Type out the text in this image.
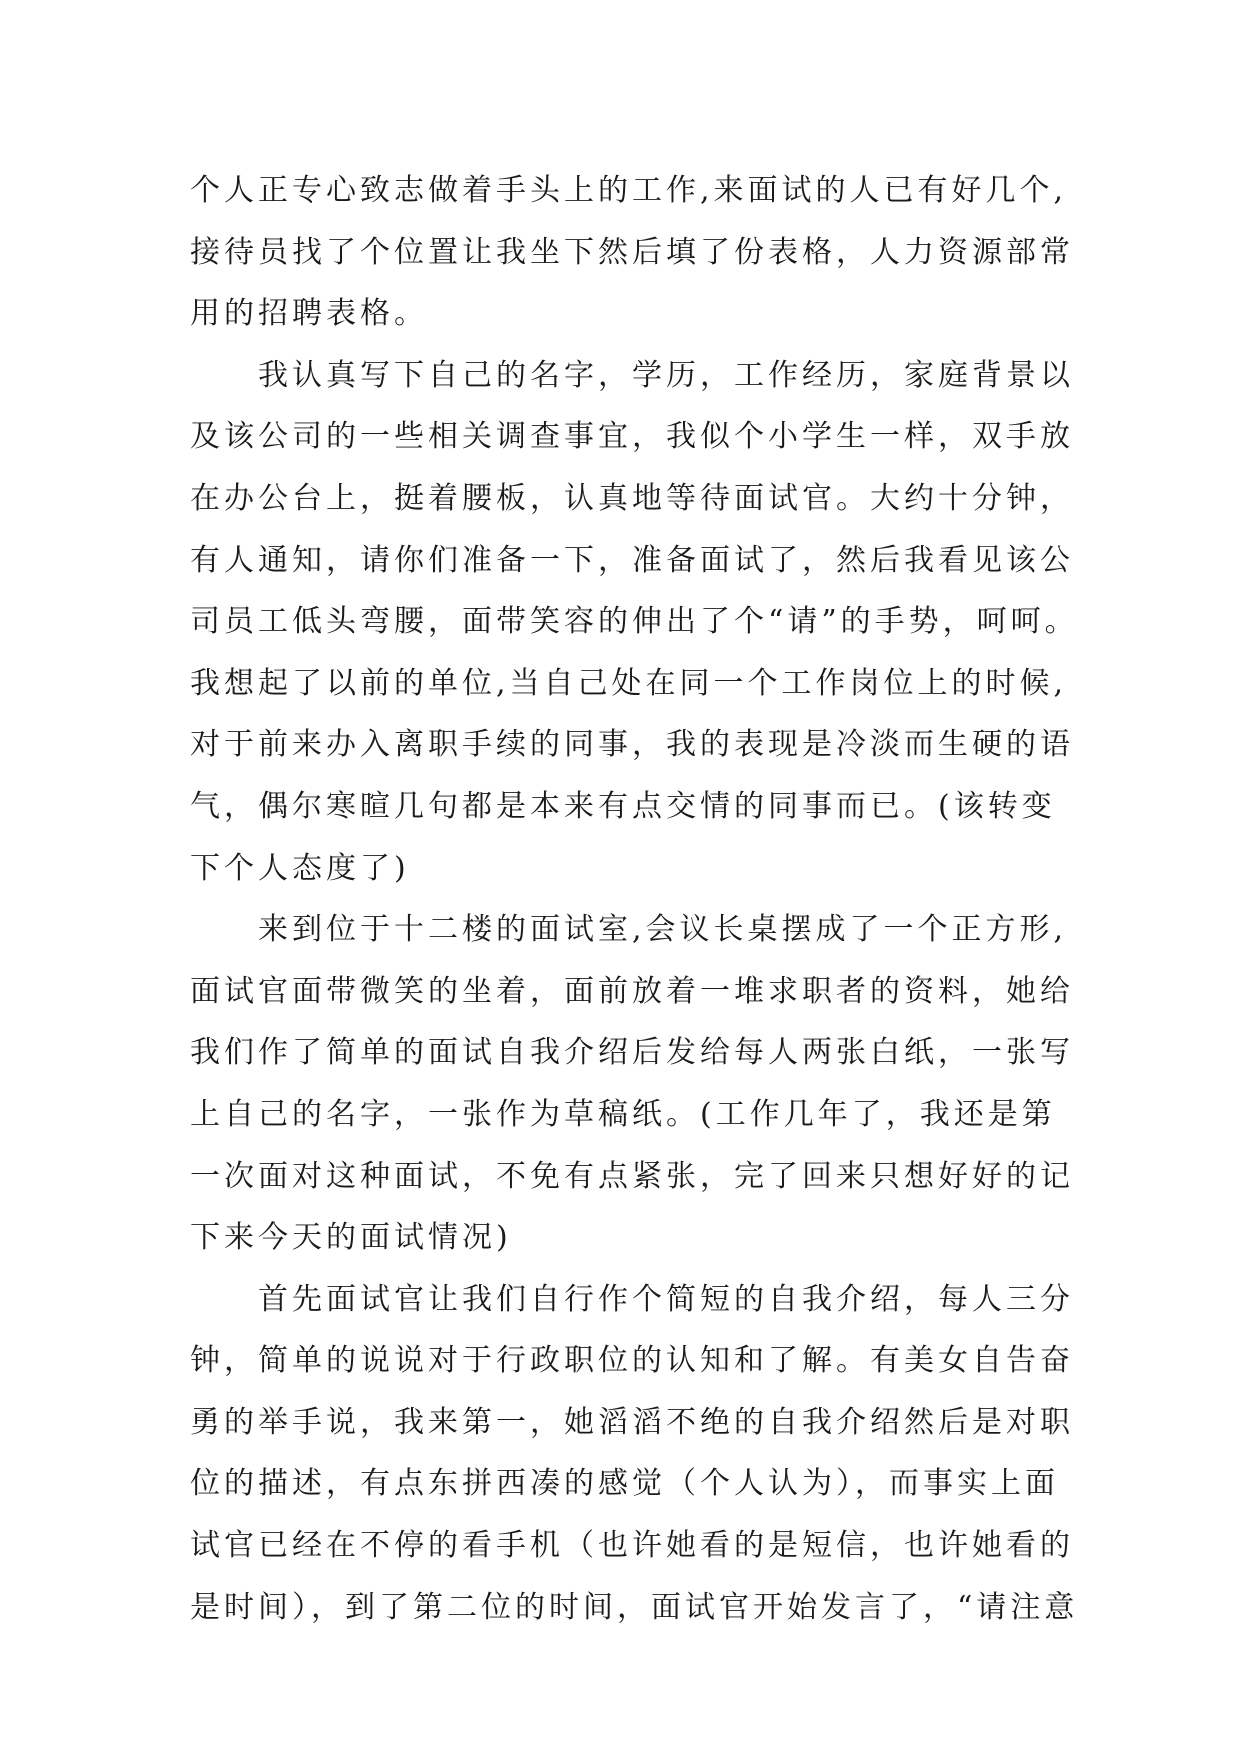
个人正专心致志做着手头上的工作,来面试的人已有好几个,
接待员找了个位置让我坐下然后填了份表格，人力资源部常
用的招聘表格。
我认真写下自己的名字，学历，工作经历，家庭背景以
及该公司的一些相关调查事宜，我似个小学生一样，双手放
在办公台上，挺着腰板，认真地等待面试官。大约十分钟，
有人通知，请你们准备一下，准备面试了，然后我看见该公
司员工低头弯腰，面带笑容的伸出了个“请”的手势，呵呵。
我想起了以前的单位,当自己处在同一个工作岗位上的时候,
对于前来办入离职手续的同事，我的表现是冷淡而生硬的语
气，偶尔寒暄几句都是本来有点交情的同事而已。(该转变
下个人态度了)
来到位于十二楼的面试室,会议长桌摆成了一个正方形,
面试官面带微笑的坐着，面前放着一堆求职者的资料，她给
我们作了简单的面试自我介绍后发给每人两张白纸，一张写
上自己的名字，一张作为草稿纸。(工作几年了，我还是第
一次面对这种面试，不免有点紧张，完了回来只想好好的记
下来今天的面试情况)
首先面试官让我们自行作个简短的自我介绍，每人三分
钟，简单的说说对于行政职位的认知和了解。有美女自告奋
勇的举手说，我来第一，她滔滔不绝的自我介绍然后是对职
位的描述，有点东拼西凑的感觉（个人认为），而事实上面
试官已经在不停的看手机（也许她看的是短信，也许她看的
是时间），到了第二位的时间，面试官开始发言了，“请注意
